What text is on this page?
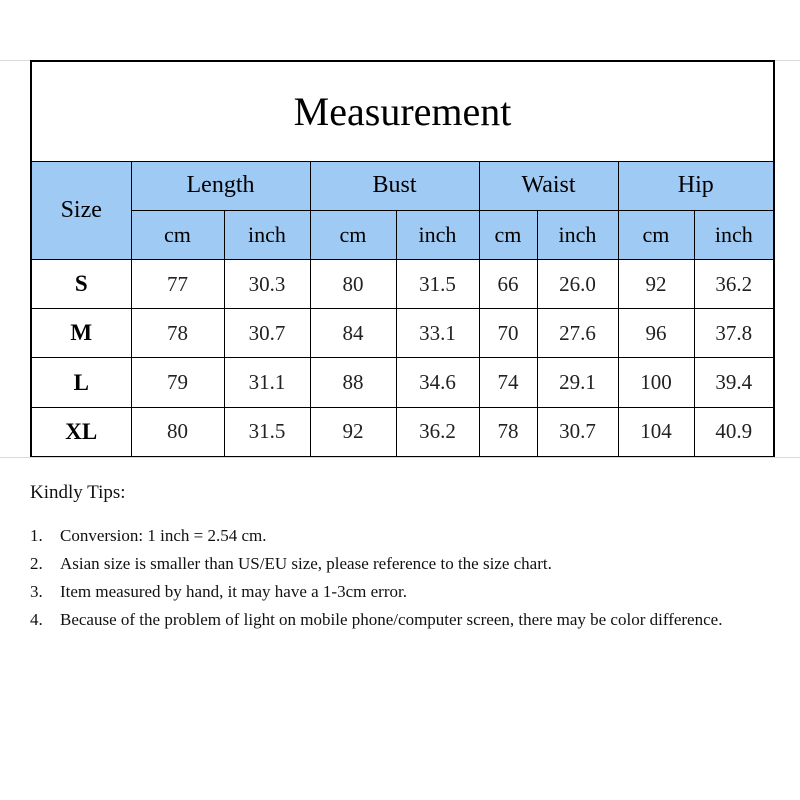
Measurement								
Size	Length		Bust		Waist		Hip	
	cm	inch	cm	inch	cm	inch	cm	inch
S	77	30.3	80	31.5	66	26.0	92	36.2
M	78	30.7	84	33.1	70	27.6	96	37.8
L	79	31.1	88	34.6	74	29.1	100	39.4
XL	80	31.5	92	36.2	78	30.7	104	40.9
Kindly Tips:
1. Conversion: 1 inch = 2.54 cm.
2. Asian size is smaller than US/EU size, please reference to the size chart.
3. Item measured by hand, it may have a 1-3cm error.
4. Because of the problem of light on mobile phone/computer screen, there may be color difference.
